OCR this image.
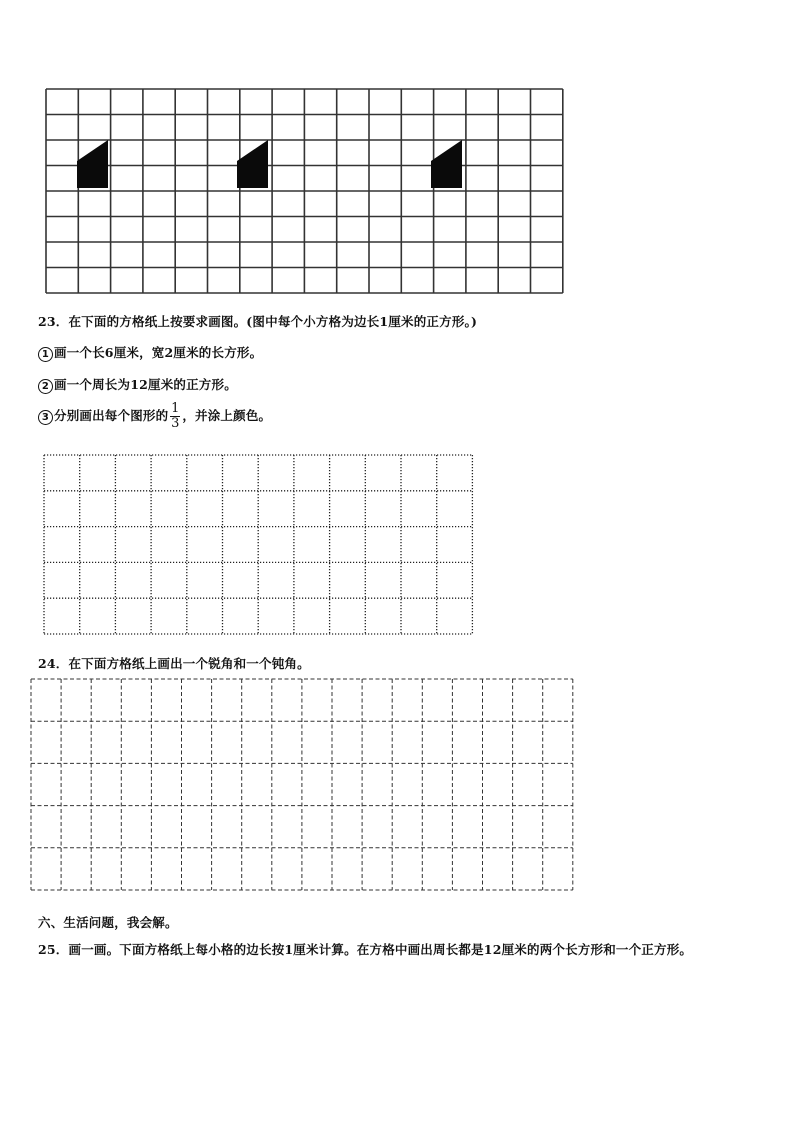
23．在下面的方格纸上按要求画图。(图中每个小方格为边长1厘米的正方形。)
1 画一个长6厘米，宽2厘米的长方形。
2 画一个周长为12厘米的正方形。
3 分别画出每个图形的 $\frac{1}{3}$ ，并涂上颜色。
24．在下面方格纸上画出一个锐角和一个钝角。
六、生活问题，我会解。
25．画一画。下面方格纸上每小格的边长按1厘米计算。在方格中画出周长都是12厘米的两个长方形和一个正方形。
